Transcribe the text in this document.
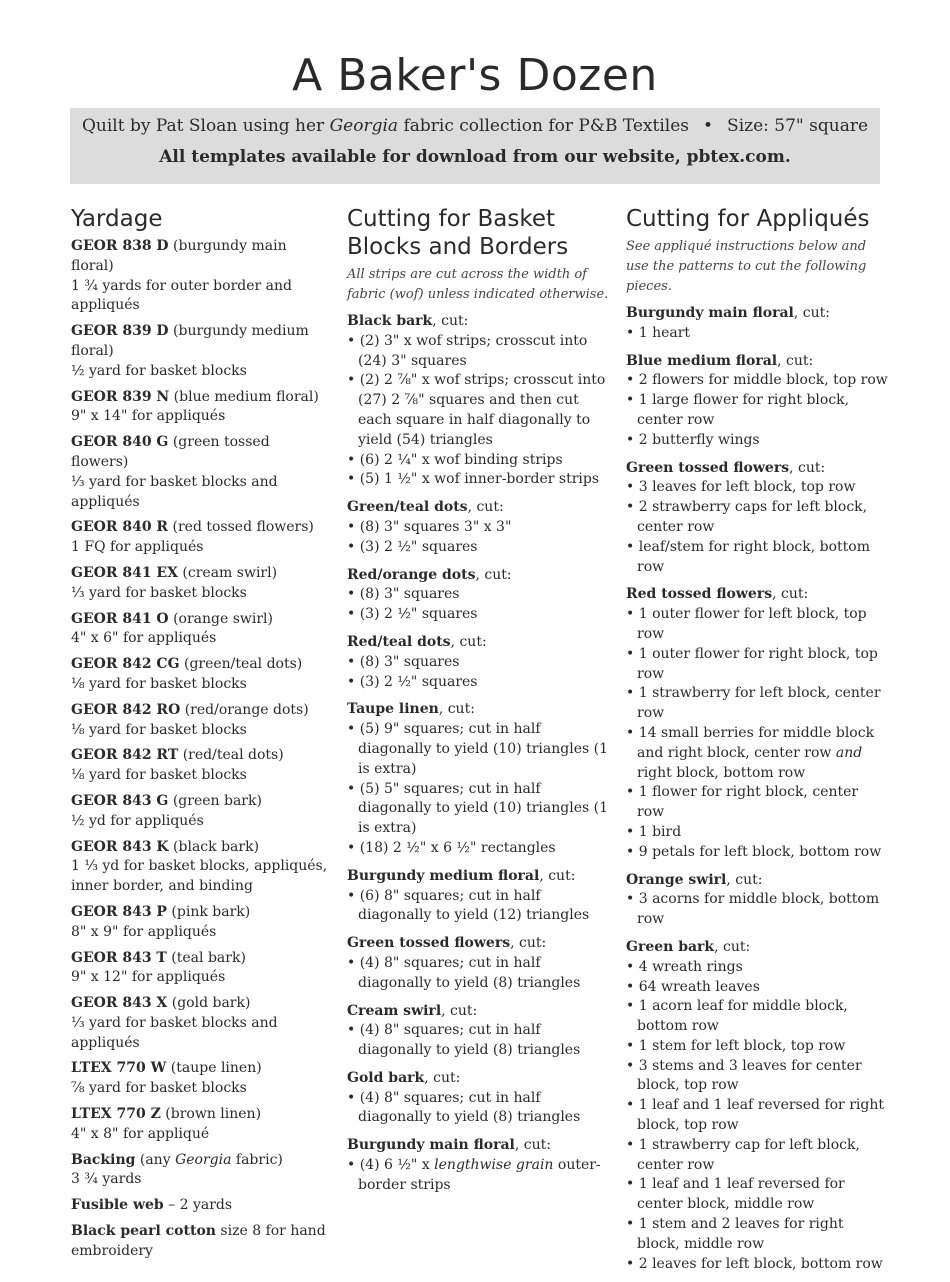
A Baker's Dozen
Quilt by Pat Sloan using her Georgia fabric collection for P&B Textiles • Size: 57" square
All templates available for download from our website, pbtex.com.
Yardage
GEOR 838 D (burgundy main floral)
1 ¾ yards for outer border and appliqués
GEOR 839 D (burgundy medium floral)
½ yard for basket blocks
GEOR 839 N (blue medium floral)
9" x 14" for appliqués
GEOR 840 G (green tossed flowers)
⅓ yard for basket blocks and appliqués
GEOR 840 R (red tossed flowers)
1 FQ for appliqués
GEOR 841 EX (cream swirl)
⅓ yard for basket blocks
GEOR 841 O (orange swirl)
4" x 6" for appliqués
GEOR 842 CG (green/teal dots)
⅛ yard for basket blocks
GEOR 842 RO (red/orange dots)
⅛ yard for basket blocks
GEOR 842 RT (red/teal dots)
⅛ yard for basket blocks
GEOR 843 G (green bark)
½ yd for appliqués
GEOR 843 K (black bark)
1 ⅓ yd for basket blocks, appliqués, inner border, and binding
GEOR 843 P (pink bark)
8" x 9" for appliqués
GEOR 843 T (teal bark)
9" x 12" for appliqués
GEOR 843 X (gold bark)
⅓ yard for basket blocks and appliqués
LTEX 770 W (taupe linen)
⅞ yard for basket blocks
LTEX 770 Z (brown linen)
4" x 8" for appliqué
Backing (any Georgia fabric)
3 ¾ yards
Fusible web – 2 yards
Black pearl cotton size 8 for hand embroidery
Cutting for Basket
Blocks and Borders

All strips are cut across the width of fabric (wof) unless indicated otherwise.

Black bark, cut:
• (2) 3" x wof strips; crosscut into (24) 3" squares
• (2) 2 ⅞" x wof strips; crosscut into (27) 2 ⅞" squares and then cut each square in half diagonally to yield (54) triangles
• (6) 2 ¼" x wof binding strips
• (5) 1 ½" x wof inner-border strips
Green/teal dots, cut:
• (8) 3" squares 3" x 3"
• (3) 2 ½" squares
Red/orange dots, cut:
• (8) 3" squares
• (3) 2 ½" squares
Red/teal dots, cut:
• (8) 3" squares
• (3) 2 ½" squares
Taupe linen, cut:
• (5) 9" squares; cut in half diagonally to yield (10) triangles (1 is extra)
• (5) 5" squares; cut in half diagonally to yield (10) triangles (1 is extra)
• (18) 2 ½" x 6 ½" rectangles
Burgundy medium floral, cut:
• (6) 8" squares; cut in half diagonally to yield (12) triangles
Green tossed flowers, cut:
• (4) 8" squares; cut in half diagonally to yield (8) triangles
Cream swirl, cut:
• (4) 8" squares; cut in half diagonally to yield (8) triangles
Gold bark, cut:
• (4) 8" squares; cut in half diagonally to yield (8) triangles
Burgundy main floral, cut:
• (4) 6 ½" x lengthwise grain outer-border strips
Cutting for Appliqués

See appliqué instructions below and use the patterns to cut the following pieces.

Burgundy main floral, cut:
• 1 heart
Blue medium floral, cut:
• 2 flowers for middle block, top row
• 1 large flower for right block, center row
• 2 butterfly wings
Green tossed flowers, cut:
• 3 leaves for left block, top row
• 2 strawberry caps for left block, center row
• leaf/stem for right block, bottom row
Red tossed flowers, cut:
• 1 outer flower for left block, top row
• 1 outer flower for right block, top row
• 1 strawberry for left block, center row
• 14 small berries for middle block and right block, center row and right block, bottom row
• 1 flower for right block, center row
• 1 bird
• 9 petals for left block, bottom row
Orange swirl, cut:
• 3 acorns for middle block, bottom row
Green bark, cut:
• 4 wreath rings
• 64 wreath leaves
• 1 acorn leaf for middle block, bottom row
• 1 stem for left block, top row
• 3 stems and 3 leaves for center block, top row
• 1 leaf and 1 leaf reversed for right block, top row
• 1 strawberry cap for left block, center row
• 1 leaf and 1 leaf reversed for center block, middle row
• 1 stem and 2 leaves for right block, middle row
• 2 leaves for left block, bottom row
